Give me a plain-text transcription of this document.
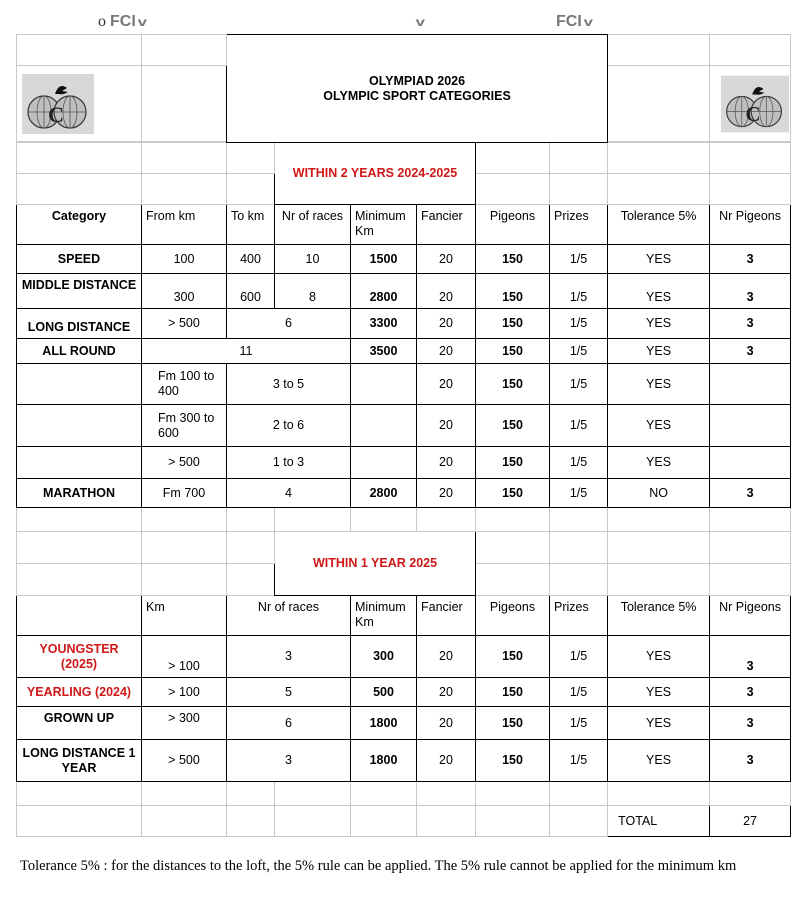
o FCI v	v	FCI v
		OLYMPIAD 2026
OLYMPIC SPORT CATEGORIES							

C									C

			WITHIN 2 YEARS 2024-2025						

Category	From km	To km	Nr of races	Minimum Km	Fancier	Pigeons	Prizes	Tolerance 5%	Nr Pigeons
SPEED	100	400	10	1500	20	150	1/5	YES	3
MIDDLE DISTANCE	300	600	8	2800	20	150	1/5	YES	3
LONG DISTANCE	> 500	6		3300	20	150	1/5	YES	3
ALL ROUND	11			3500	20	150	1/5	YES	3
	Fm 100 to 400	3 to 5			20	150	1/5	YES	
	Fm 300 to 600	2 to 6			20	150	1/5	YES	
	> 500	1 to 3			20	150	1/5	YES	
MARATHON	Fm 700	4		2800	20	150	1/5	NO	3

			WITHIN 1 YEAR 2025						

	Km	Nr of races		Minimum Km	Fancier	Pigeons	Prizes	Tolerance 5%	Nr Pigeons
YOUNGSTER (2025)	> 100	3		300	20	150	1/5	YES	3
YEARLING (2024)	> 100	5		500	20	150	1/5	YES	3
GROWN UP	> 300	6		1800	20	150	1/5	YES	3
LONG DISTANCE 1 YEAR	> 500	3		1800	20	150	1/5	YES	3

								TOTAL	27
Tolerance 5% : for the distances to the loft, the 5% rule can be applied. The 5% rule cannot be applied for the minimum km
